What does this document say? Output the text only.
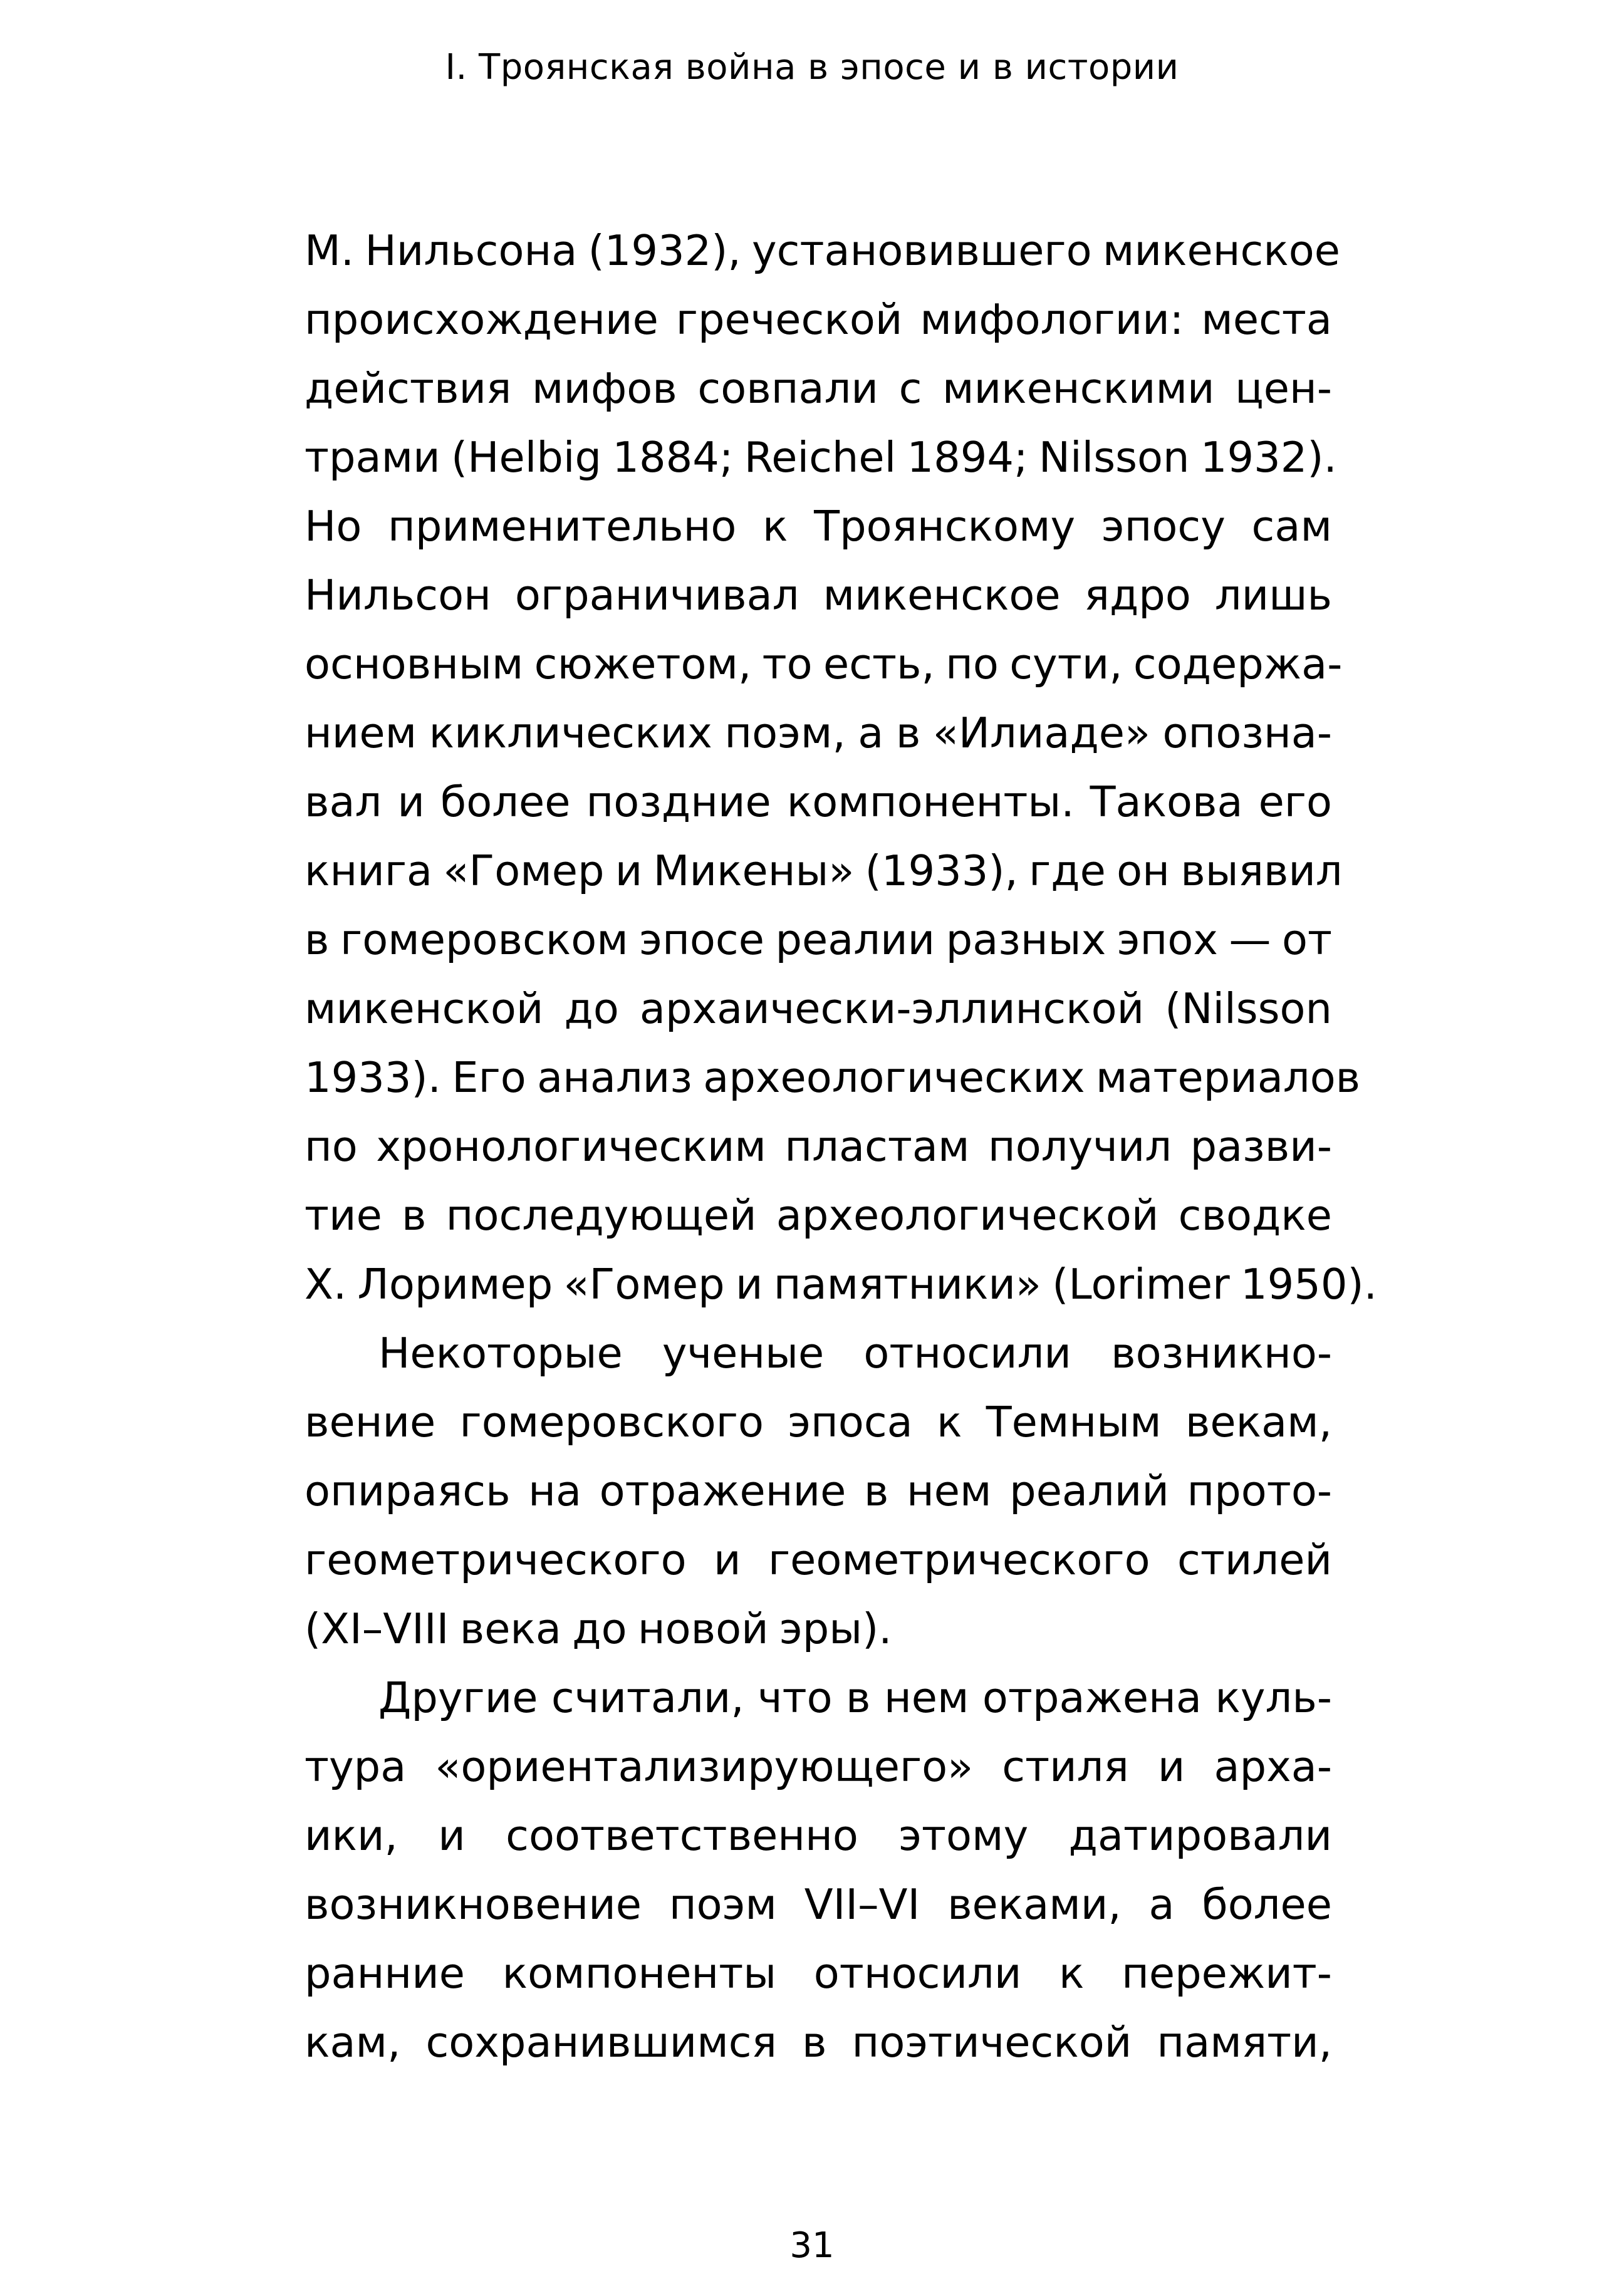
I. Троянская война в эпосе и в истории
М. Нильсона (1932), установившего микенское
происхождение греческой мифологии: места
действия мифов совпали с микенскими цен-
трами (Helbig 1884; Reichel 1894; Nilsson 1932).
Но применительно к Троянскому эпосу сам
Нильсон ограничивал микенское ядро лишь
основным сюжетом, то есть, по сути, содержа-
нием киклических поэм, а в «Илиаде» опозна-
вал и более поздние компоненты. Такова его
книга «Гомер и Микены» (1933), где он выявил
в гомеровском эпосе реалии разных эпох — от
микенской до архаически-эллинской (Nilsson
1933). Его анализ археологических материалов
по хронологическим пластам получил разви-
тие в последующей археологической сводке
Х. Лоример «Гомер и памятники» (Lorimer 1950).
Некоторые ученые относили возникно-
вение гомеровского эпоса к Темным векам,
опираясь на отражение в нем реалий прото-
геометрического и геометрического стилей
(XI–VIII века до новой эры).
Другие считали, что в нем отражена куль-
тура «ориентализирующего» стиля и арха-
ики, и соответственно этому датировали
возникновение поэм VII–VI веками, а более
ранние компоненты относили к пережит-
кам, сохранившимся в поэтической памяти,
31
